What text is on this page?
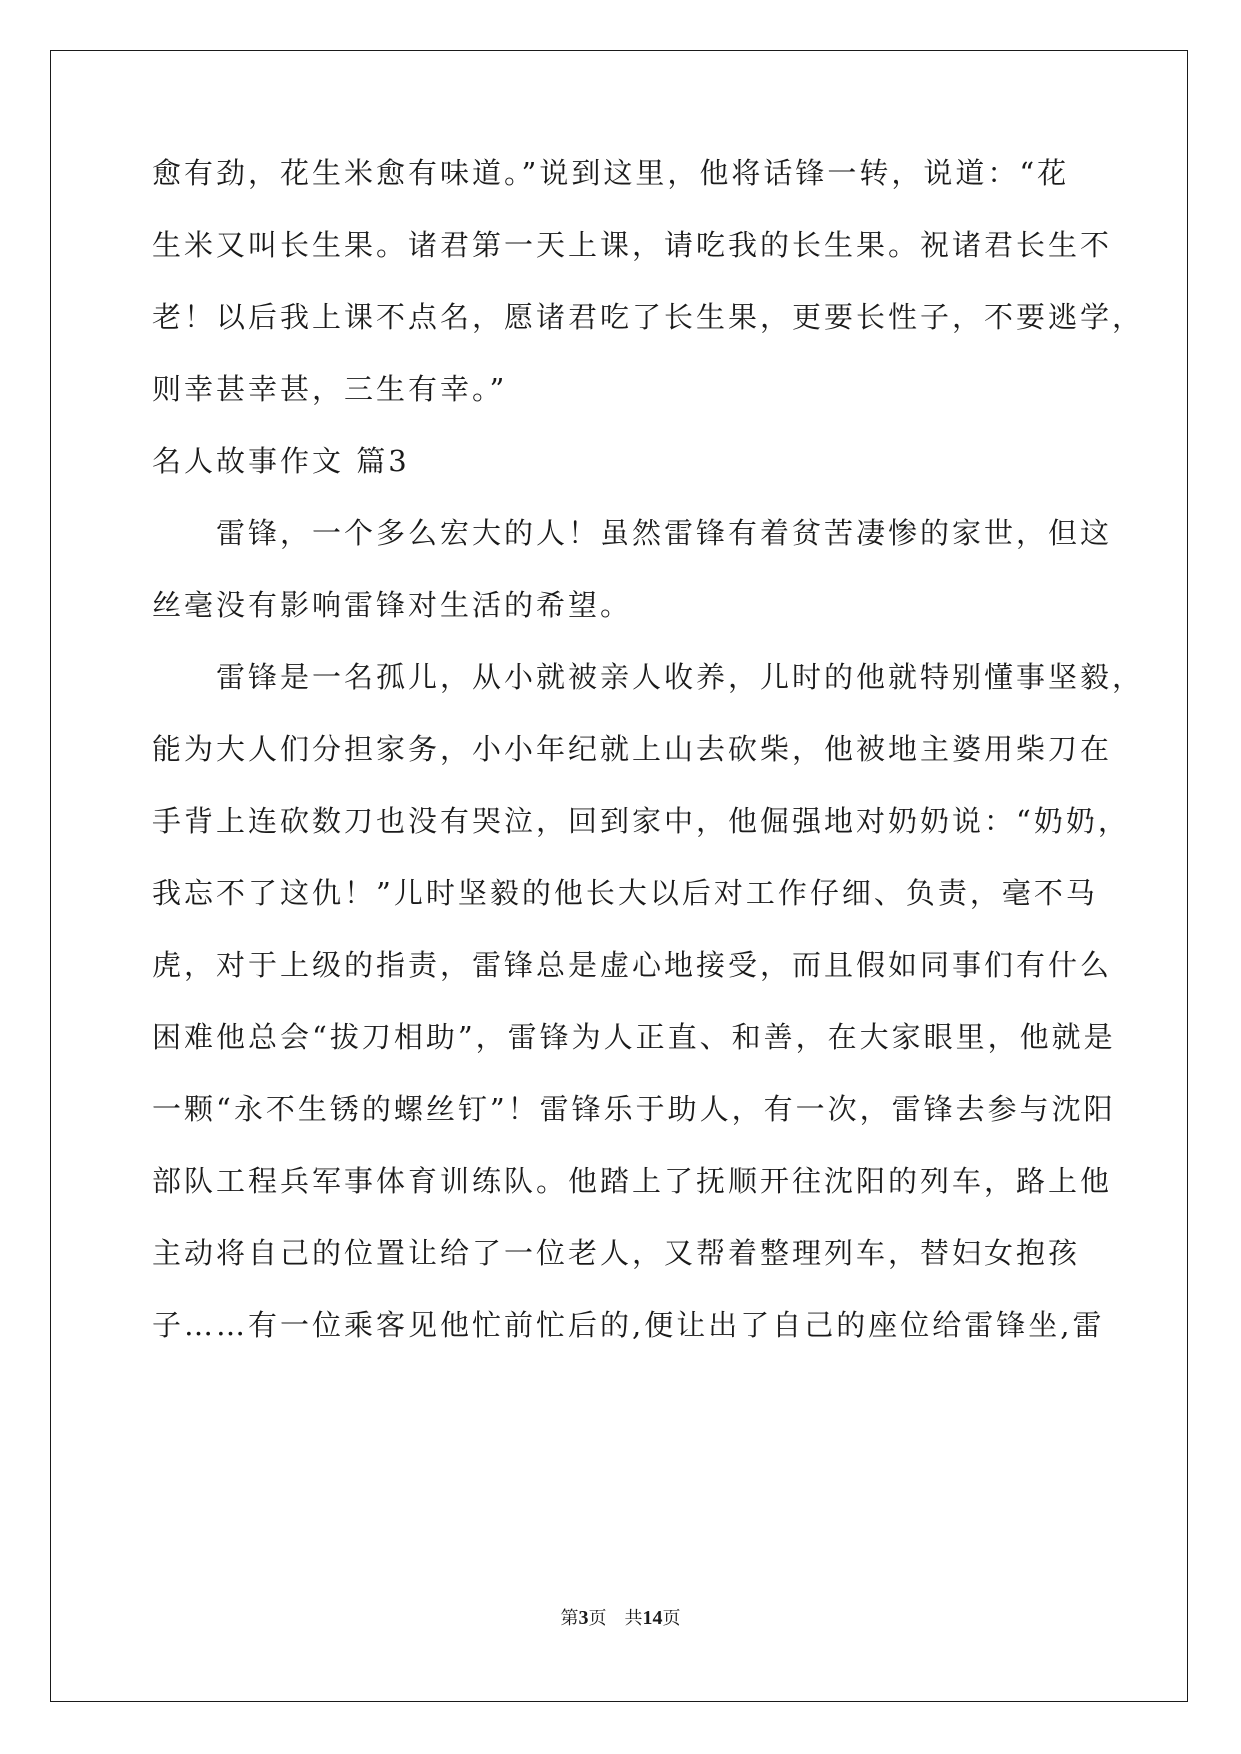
愈有劲，花生米愈有味道。”说到这里，他将话锋一转，说道：“花
生米又叫长生果。诸君第一天上课，请吃我的长生果。祝诸君长生不
老！以后我上课不点名，愿诸君吃了长生果，更要长性子，不要逃学，
则幸甚幸甚，三生有幸。”
名人故事作文 篇3
雷锋，一个多么宏大的人！虽然雷锋有着贫苦凄惨的家世，但这
丝毫没有影响雷锋对生活的希望。
雷锋是一名孤儿，从小就被亲人收养，儿时的他就特别懂事坚毅，
能为大人们分担家务，小小年纪就上山去砍柴，他被地主婆用柴刀在
手背上连砍数刀也没有哭泣，回到家中，他倔强地对奶奶说：“奶奶，
我忘不了这仇！”儿时坚毅的他长大以后对工作仔细、负责，毫不马
虎，对于上级的指责，雷锋总是虚心地接受，而且假如同事们有什么
困难他总会“拔刀相助”，雷锋为人正直、和善，在大家眼里，他就是
一颗“永不生锈的螺丝钉”！雷锋乐于助人，有一次，雷锋去参与沈阳
部队工程兵军事体育训练队。他踏上了抚顺开往沈阳的列车，路上他
主动将自己的位置让给了一位老人，又帮着整理列车，替妇女抱孩
子……有一位乘客见他忙前忙后的,便让出了自己的座位给雷锋坐,雷
第3页 共14页
